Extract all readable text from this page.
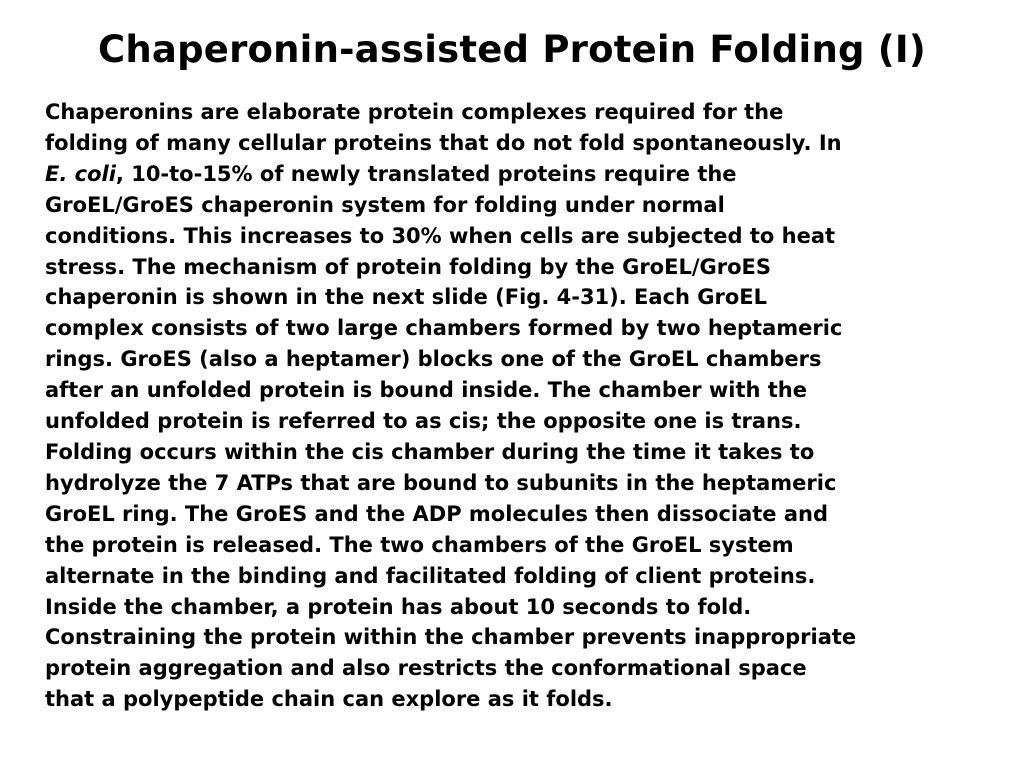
Chaperonin-assisted Protein Folding (I)
Chaperonins are elaborate protein complexes required for the
folding of many cellular proteins that do not fold spontaneously. In
E. coli, 10-to-15% of newly translated proteins require the
GroEL/GroES chaperonin system for folding under normal
conditions. This increases to 30% when cells are subjected to heat
stress. The mechanism of protein folding by the GroEL/GroES
chaperonin is shown in the next slide (Fig. 4-31). Each GroEL
complex consists of two large chambers formed by two heptameric
rings. GroES (also a heptamer) blocks one of the GroEL chambers
after an unfolded protein is bound inside. The chamber with the
unfolded protein is referred to as cis; the opposite one is trans.
Folding occurs within the cis chamber during the time it takes to
hydrolyze the 7 ATPs that are bound to subunits in the heptameric
GroEL ring. The GroES and the ADP molecules then dissociate and
the protein is released. The two chambers of the GroEL system
alternate in the binding and facilitated folding of client proteins.
Inside the chamber, a protein has about 10 seconds to fold.
Constraining the protein within the chamber prevents inappropriate
protein aggregation and also restricts the conformational space
that a polypeptide chain can explore as it folds.
